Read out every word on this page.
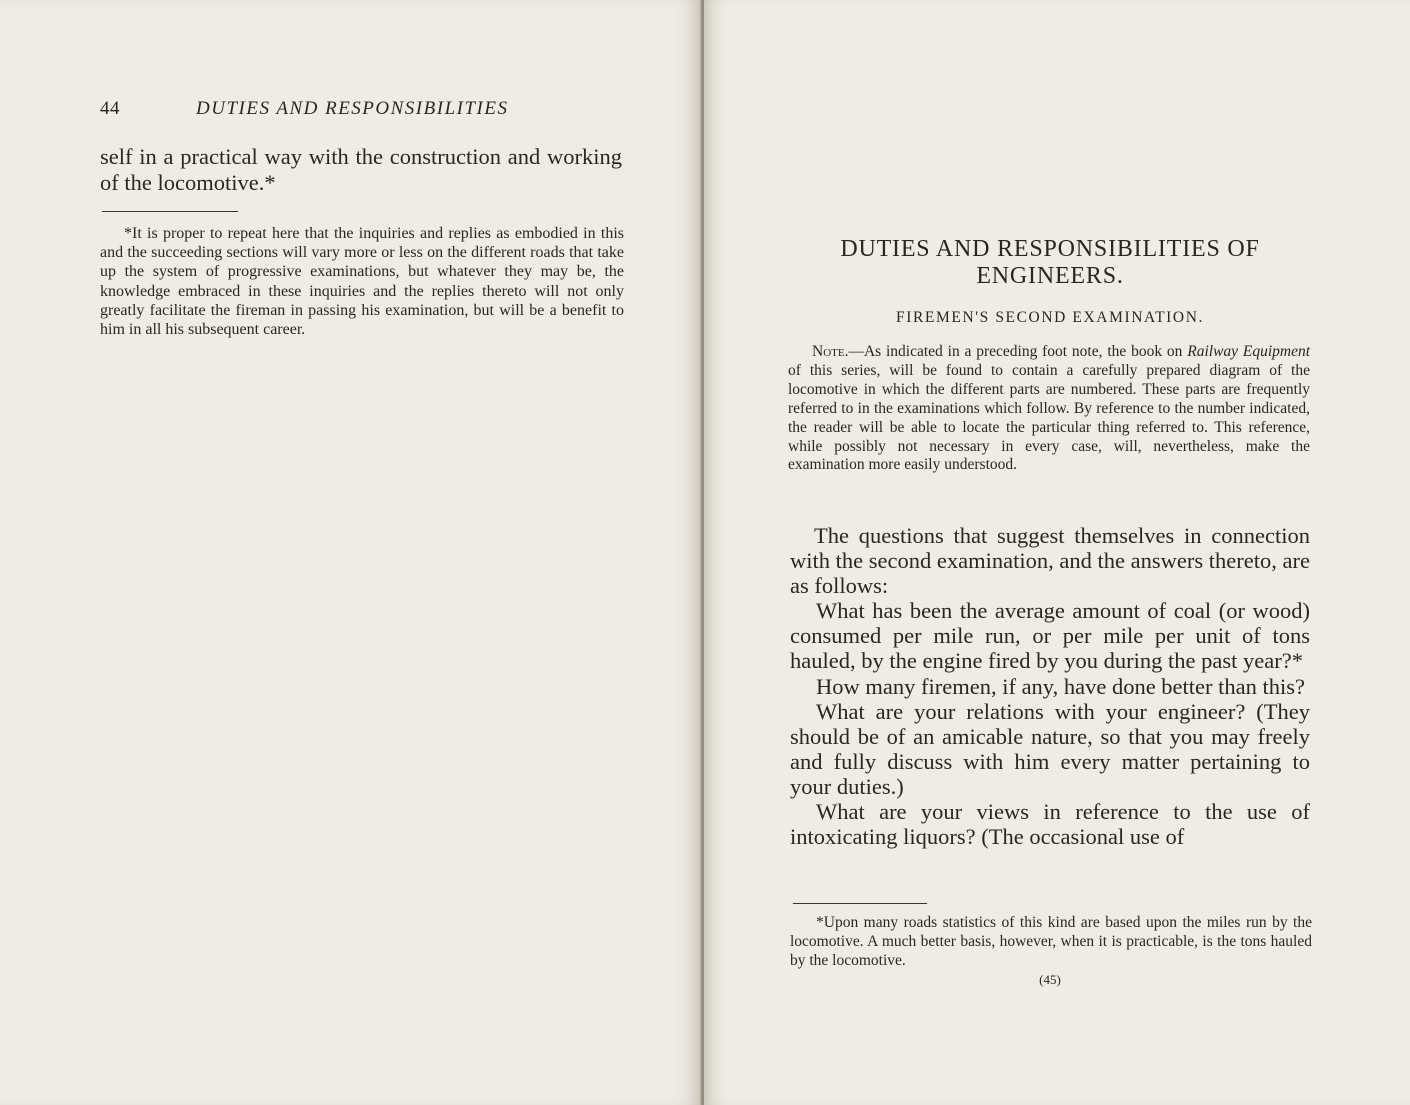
44	DUTIES AND RESPONSIBILITIES
self in a practical way with the construction and working of the locomotive.*
*It is proper to repeat here that the inquiries and replies as embodied in this and the succeeding sections will vary more or less on the different roads that take up the system of progressive examinations, but whatever they may be, the knowledge embraced in these inquiries and the replies thereto will not only greatly facilitate the fireman in passing his examination, but will be a benefit to him in all his subsequent career.
DUTIES AND RESPONSIBILITIES OF ENGINEERS.
FIREMEN'S SECOND EXAMINATION.
Note.—As indicated in a preceding foot note, the book on Railway Equipment of this series, will be found to contain a carefully prepared diagram of the locomotive in which the different parts are numbered. These parts are frequently referred to in the examinations which follow. By reference to the number indicated, the reader will be able to locate the particular thing referred to. This reference, while possibly not necessary in every case, will, nevertheless, make the examination more easily understood.

The questions that suggest themselves in connection with the second examination, and the answers thereto, are as follows:

What has been the average amount of coal (or wood) consumed per mile run, or per mile per unit of tons hauled, by the engine fired by you during the past year?*

How many firemen, if any, have done better than this?

What are your relations with your engineer? (They should be of an amicable nature, so that you may freely and fully discuss with him every matter pertaining to your duties.)

What are your views in reference to the use of intoxicating liquors? (The occasional use of

*Upon many roads statistics of this kind are based upon the miles run by the locomotive. A much better basis, however, when it is practicable, is the tons hauled by the locomotive.
(45)
